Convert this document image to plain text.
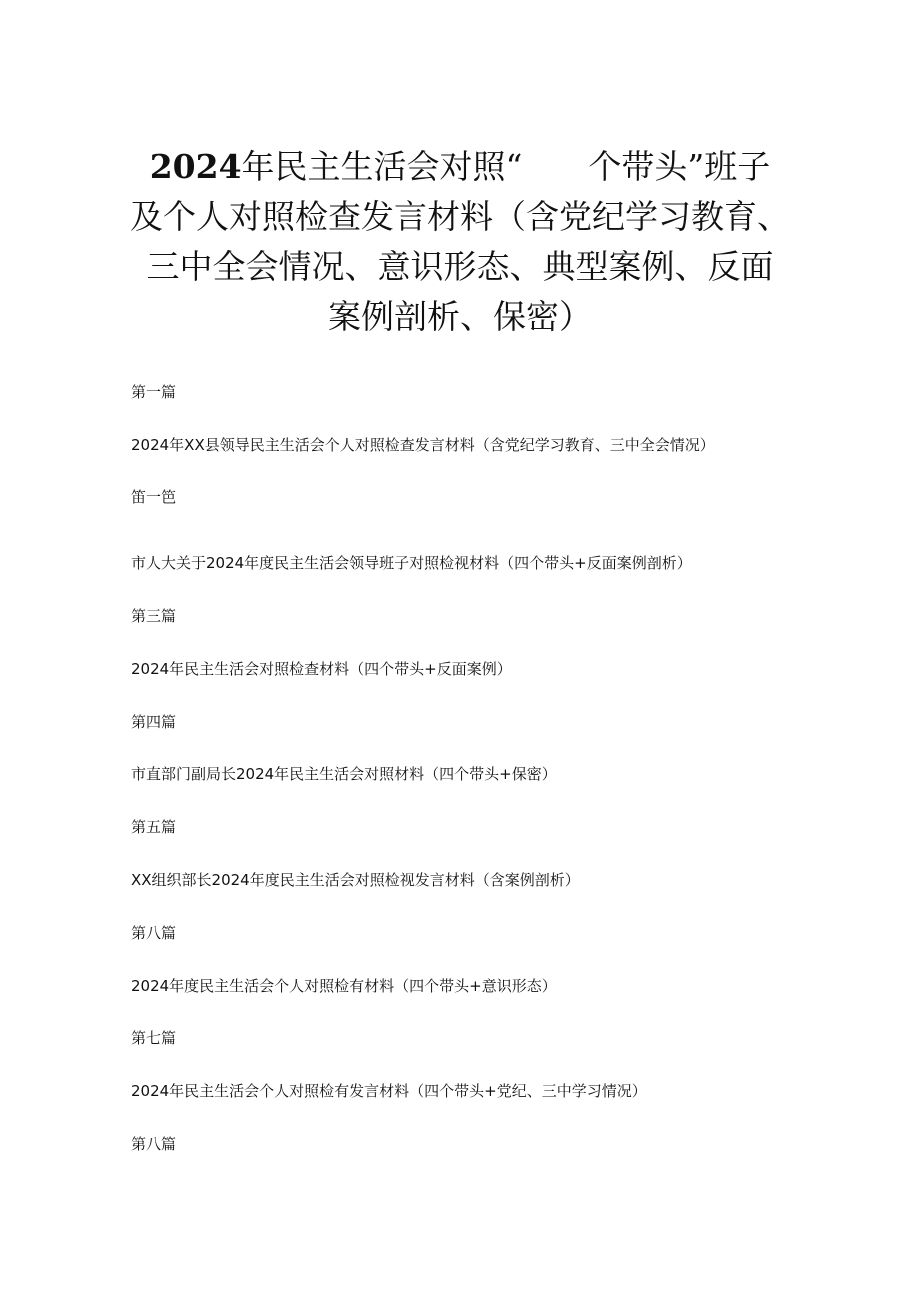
2024年民主生活会对照“　　个带头”班子
及个人对照检查发言材料（含党纪学习教育、
三中全会情况、意识形态、典型案例、反面
案例剖析、保密）
第一篇
2024年XX县领导民主生活会个人对照检查发言材料（含党纪学习教育、三中全会情况）
笛一笆
市人大关于2024年度民主生活会领导班子对照检视材料（四个带头+反面案例剖析）
第三篇
2024年民主生活会对照检查材料（四个带头+反面案例）
第四篇
市直部门副局长2024年民主生活会对照材料（四个带头+保密）
第五篇
XX组织部长2024年度民主生活会对照检视发言材料（含案例剖析）
第八篇
2024年度民主生活会个人对照检有材料（四个带头+意识形态）
第七篇
2024年民主生活会个人对照检有发言材料（四个带头+党纪、三中学习情况）
第八篇
